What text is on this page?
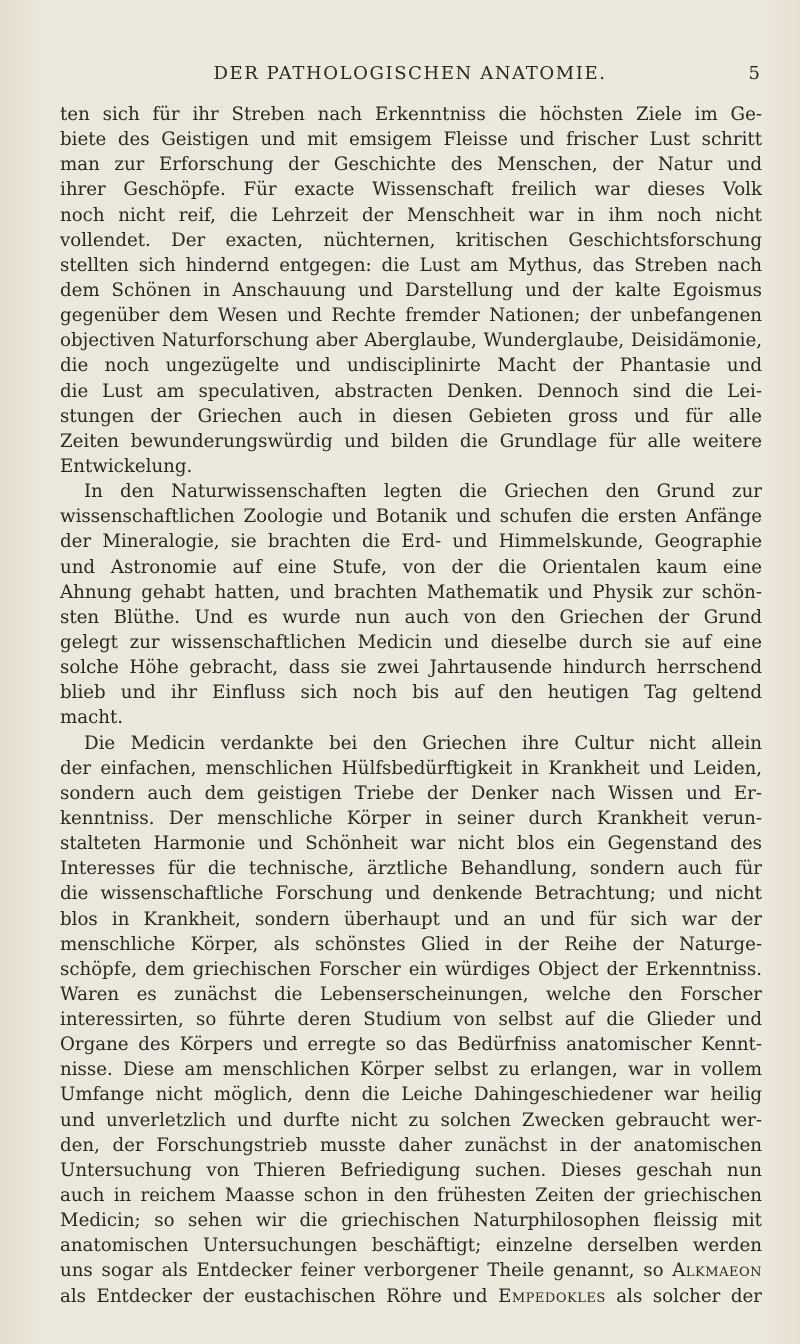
DER PATHOLOGISCHEN ANATOMIE.	5
ten sich für ihr Streben nach Erkenntniss die höchsten Ziele im Ge-
biete des Geistigen und mit emsigem Fleisse und frischer Lust schritt
man zur Erforschung der Geschichte des Menschen, der Natur und
ihrer Geschöpfe. Für exacte Wissenschaft freilich war dieses Volk
noch nicht reif, die Lehrzeit der Menschheit war in ihm noch nicht
vollendet. Der exacten, nüchternen, kritischen Geschichtsforschung
stellten sich hindernd entgegen: die Lust am Mythus, das Streben nach
dem Schönen in Anschauung und Darstellung und der kalte Egoismus
gegenüber dem Wesen und Rechte fremder Nationen; der unbefangenen
objectiven Naturforschung aber Aberglaube, Wunderglaube, Deisidämonie,
die noch ungezügelte und undisciplinirte Macht der Phantasie und
die Lust am speculativen, abstracten Denken. Dennoch sind die Lei-
stungen der Griechen auch in diesen Gebieten gross und für alle
Zeiten bewunderungswürdig und bilden die Grundlage für alle weitere
Entwickelung.
In den Naturwissenschaften legten die Griechen den Grund zur
wissenschaftlichen Zoologie und Botanik und schufen die ersten Anfänge
der Mineralogie, sie brachten die Erd- und Himmelskunde, Geographie
und Astronomie auf eine Stufe, von der die Orientalen kaum eine
Ahnung gehabt hatten, und brachten Mathematik und Physik zur schön-
sten Blüthe. Und es wurde nun auch von den Griechen der Grund
gelegt zur wissenschaftlichen Medicin und dieselbe durch sie auf eine
solche Höhe gebracht, dass sie zwei Jahrtausende hindurch herrschend
blieb und ihr Einfluss sich noch bis auf den heutigen Tag geltend
macht.
Die Medicin verdankte bei den Griechen ihre Cultur nicht allein
der einfachen, menschlichen Hülfsbedürftigkeit in Krankheit und Leiden,
sondern auch dem geistigen Triebe der Denker nach Wissen und Er-
kenntniss. Der menschliche Körper in seiner durch Krankheit verun-
stalteten Harmonie und Schönheit war nicht blos ein Gegenstand des
Interesses für die technische, ärztliche Behandlung, sondern auch für
die wissenschaftliche Forschung und denkende Betrachtung; und nicht
blos in Krankheit, sondern überhaupt und an und für sich war der
menschliche Körper, als schönstes Glied in der Reihe der Naturge-
schöpfe, dem griechischen Forscher ein würdiges Object der Erkenntniss.
Waren es zunächst die Lebenserscheinungen, welche den Forscher
interessirten, so führte deren Studium von selbst auf die Glieder und
Organe des Körpers und erregte so das Bedürfniss anatomischer Kennt-
nisse. Diese am menschlichen Körper selbst zu erlangen, war in vollem
Umfange nicht möglich, denn die Leiche Dahingeschiedener war heilig
und unverletzlich und durfte nicht zu solchen Zwecken gebraucht wer-
den, der Forschungstrieb musste daher zunächst in der anatomischen
Untersuchung von Thieren Befriedigung suchen. Dieses geschah nun
auch in reichem Maasse schon in den frühesten Zeiten der griechischen
Medicin; so sehen wir die griechischen Naturphilosophen fleissig mit
anatomischen Untersuchungen beschäftigt; einzelne derselben werden
uns sogar als Entdecker feiner verborgener Theile genannt, so Alkmaeon
als Entdecker der eustachischen Röhre und Empedokles als solcher der
